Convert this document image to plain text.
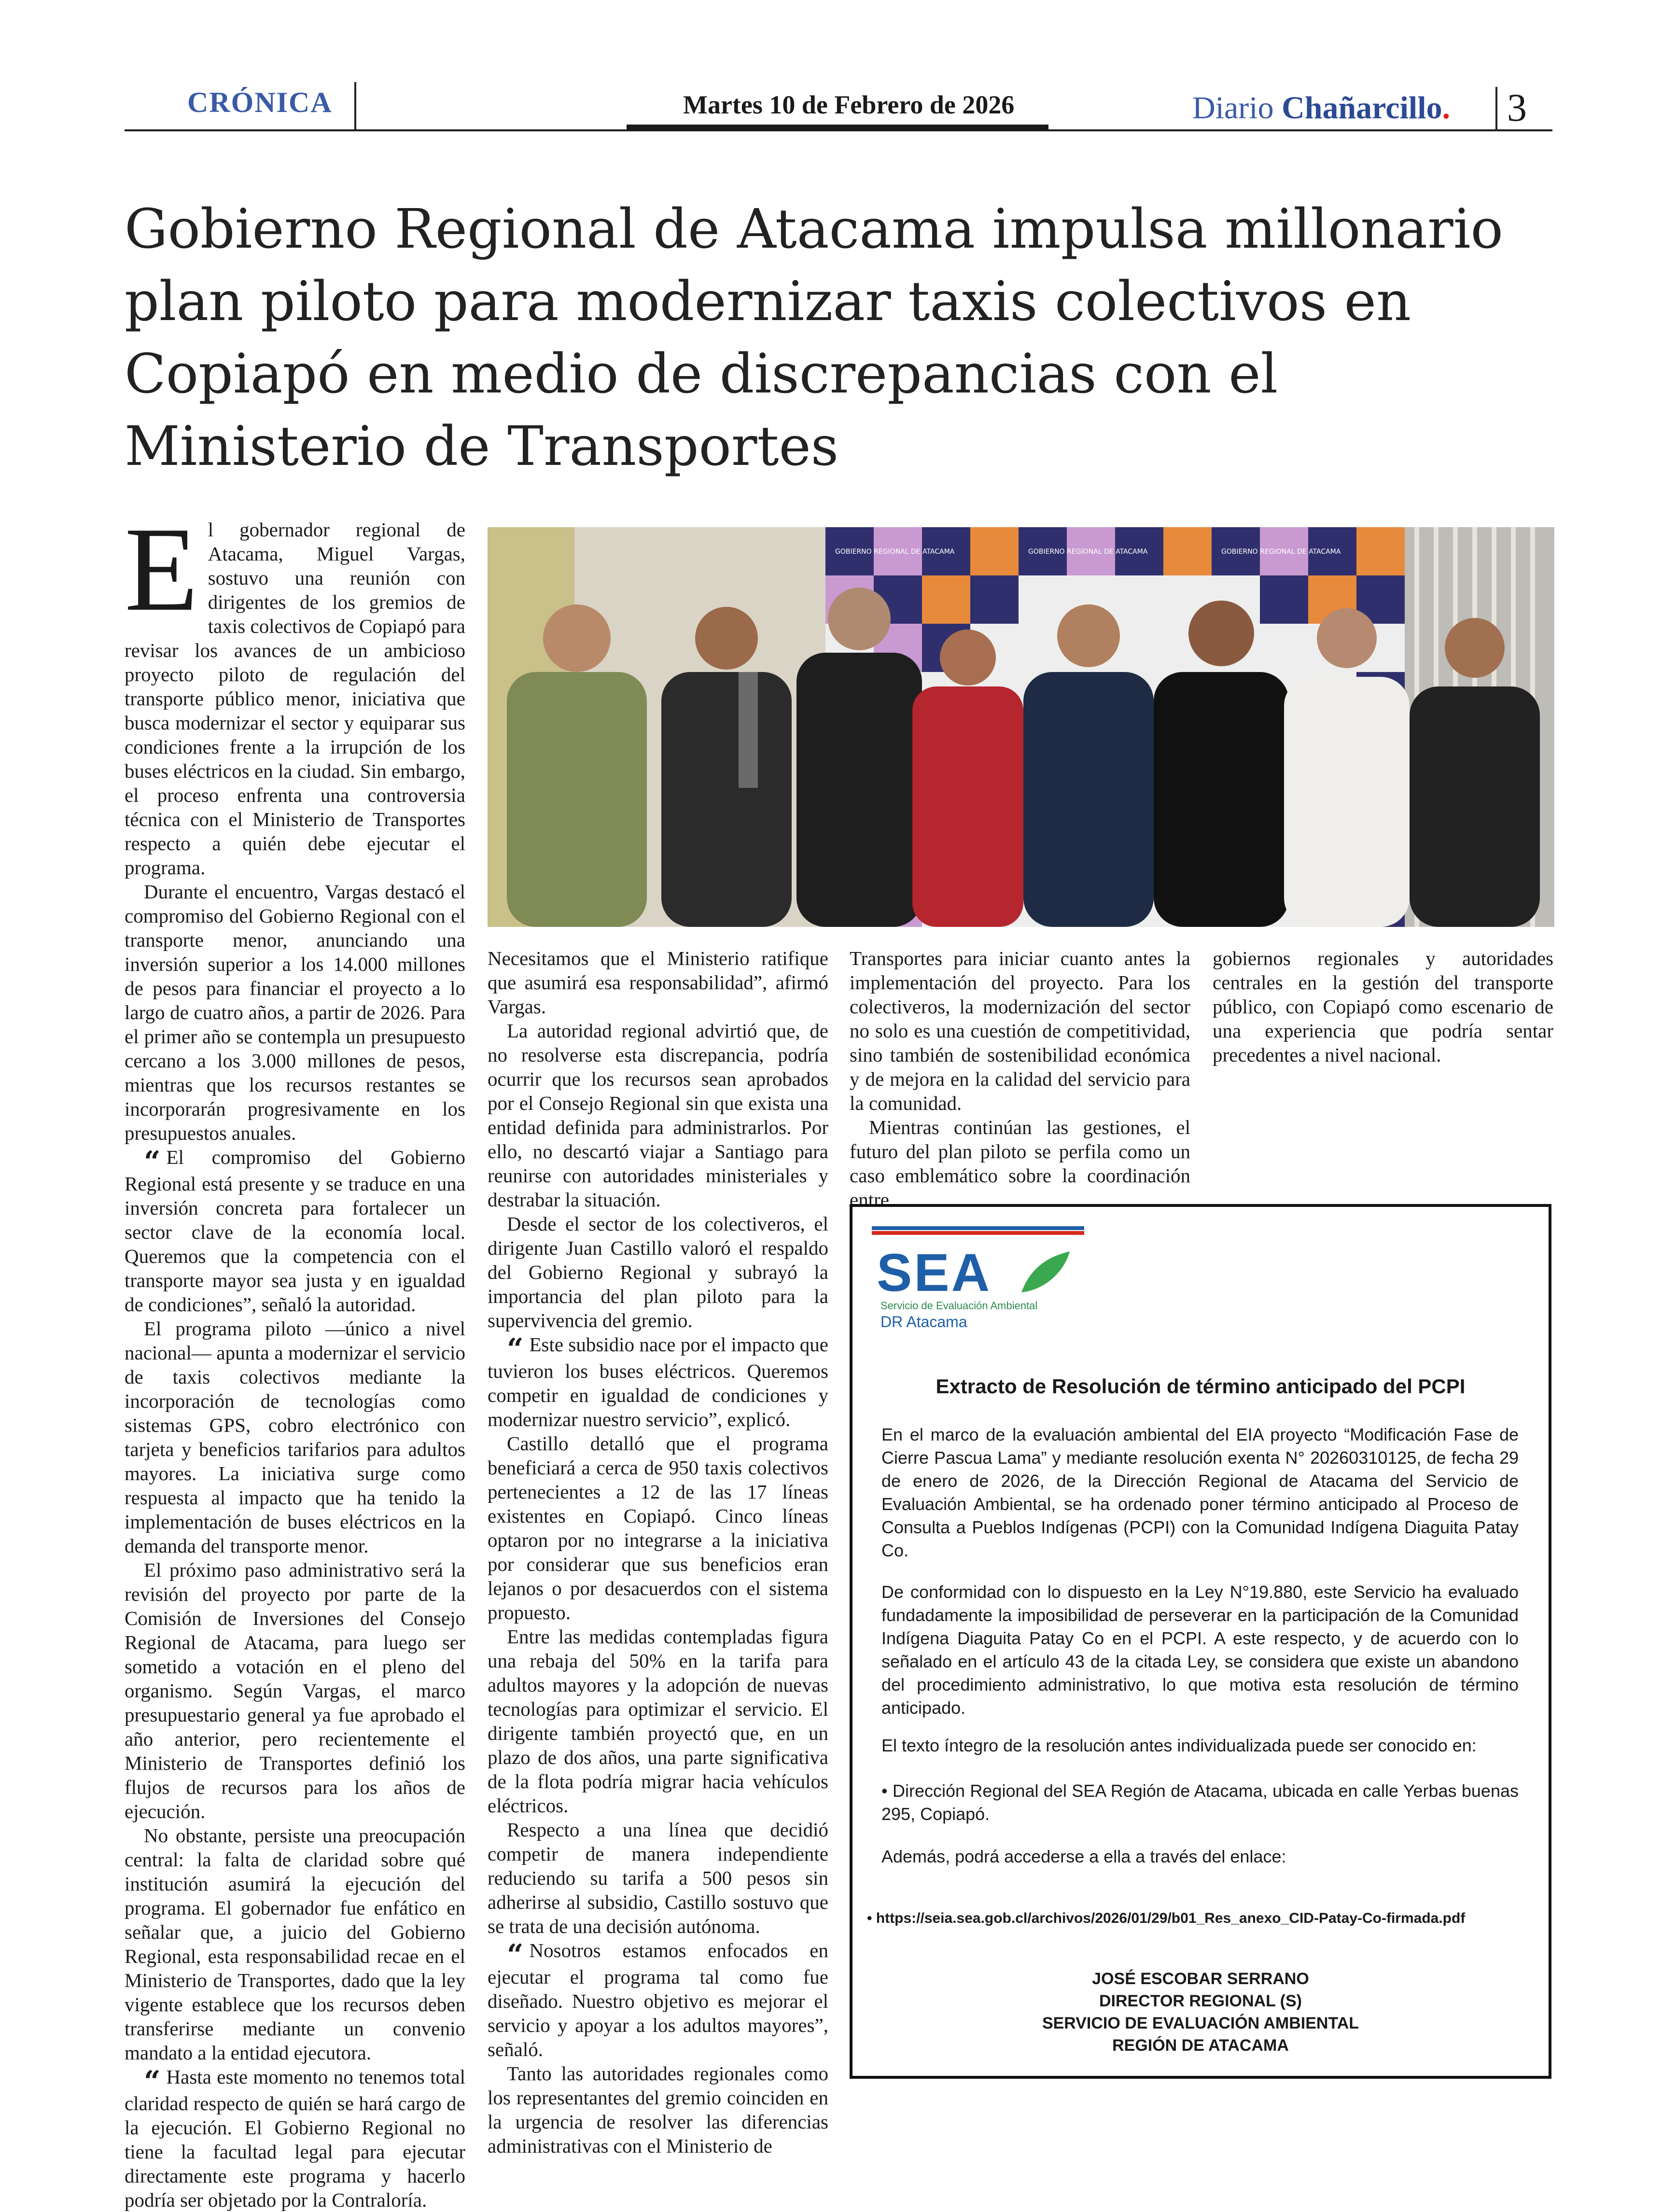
CRÓNICA	Martes 10 de Febrero de 2026	Diario Chañarcillo. 3
Gobierno Regional de Atacama impulsa millonario plan piloto para modernizar taxis colectivos en Copiapó en medio de discrepancias con el Ministerio de Transportes

El gobernador regional de Atacama, Miguel Vargas, sostuvo una reunión con dirigentes de los gremios de taxis colectivos de Copiapó para revisar los avances de un ambicioso proyecto piloto de regulación del transporte público menor, iniciativa que busca modernizar el sector y equiparar sus condiciones frente a la irrupción de los buses eléctricos en la ciudad. Sin embargo, el proceso enfrenta una controversia técnica con el Ministerio de Transportes respecto a quién debe ejecutar el programa.

Durante el encuentro, Vargas destacó el compromiso del Gobierno Regional con el transporte menor, anunciando una inversión superior a los 14.000 millones de pesos para financiar el proyecto a lo largo de cuatro años, a partir de 2026. Para el primer año se contempla un presupuesto cercano a los 3.000 millones de pesos, mientras que los recursos restantes se incorporarán progresivamente en los presupuestos anuales.

“ El compromiso del Gobierno Regional está presente y se traduce en una inversión concreta para fortalecer un sector clave de la economía local. Queremos que la competencia con el transporte mayor sea justa y en igualdad de condiciones”, señaló la autoridad.

El programa piloto —único a nivel nacional— apunta a modernizar el servicio de taxis colectivos mediante la incorporación de tecnologías como sistemas GPS, cobro electrónico con tarjeta y beneficios tarifarios para adultos mayores. La iniciativa surge como respuesta al impacto que ha tenido la implementación de buses eléctricos en la demanda del transporte menor.

El próximo paso administrativo será la revisión del proyecto por parte de la Comisión de Inversiones del Consejo Regional de Atacama, para luego ser sometido a votación en el pleno del organismo. Según Vargas, el marco presupuestario general ya fue aprobado el año anterior, pero recientemente el Ministerio de Transportes definió los flujos de recursos para los años de ejecución.

No obstante, persiste una preocupación central: la falta de claridad sobre qué institución asumirá la ejecución del programa. El gobernador fue enfático en señalar que, a juicio del Gobierno Regional, esta responsabilidad recae en el Ministerio de Transportes, dado que la ley vigente establece que los recursos deben transferirse mediante un convenio mandato a la entidad ejecutora.

“ Hasta este momento no tenemos total claridad respecto de quién se hará cargo de la ejecución. El Gobierno Regional no tiene la facultad legal para ejecutar directamente este programa y hacerlo podría ser objetado por la Contraloría.

GOBIERNO REGIONAL DE ATACAMA	GOBIERNO REGIONAL DE ATACAMA	GOBIERNO REGIONAL DE ATACAMA

Necesitamos que el Ministerio ratifique que asumirá esa responsabilidad”, afirmó Vargas.

La autoridad regional advirtió que, de no resolverse esta discrepancia, podría ocurrir que los recursos sean aprobados por el Consejo Regional sin que exista una entidad definida para administrarlos. Por ello, no descartó viajar a Santiago para reunirse con autoridades ministeriales y destrabar la situación.

Desde el sector de los colectiveros, el dirigente Juan Castillo valoró el respaldo del Gobierno Regional y subrayó la importancia del plan piloto para la supervivencia del gremio.

“ Este subsidio nace por el impacto que tuvieron los buses eléctricos. Queremos competir en igualdad de condiciones y modernizar nuestro servicio”, explicó.

Castillo detalló que el programa beneficiará a cerca de 950 taxis colectivos pertenecientes a 12 de las 17 líneas existentes en Copiapó. Cinco líneas optaron por no integrarse a la iniciativa por considerar que sus beneficios eran lejanos o por desacuerdos con el sistema propuesto.

Entre las medidas contempladas figura una rebaja del 50% en la tarifa para adultos mayores y la adopción de nuevas tecnologías para optimizar el servicio. El dirigente también proyectó que, en un plazo de dos años, una parte significativa de la flota podría migrar hacia vehículos eléctricos.

Respecto a una línea que decidió competir de manera independiente reduciendo su tarifa a 500 pesos sin adherirse al subsidio, Castillo sostuvo que se trata de una decisión autónoma.

“ Nosotros estamos enfocados en ejecutar el programa tal como fue diseñado. Nuestro objetivo es mejorar el servicio y apoyar a los adultos mayores”, señaló.

Tanto las autoridades regionales como los representantes del gremio coinciden en la urgencia de resolver las diferencias administrativas con el Ministerio de

Transportes para iniciar cuanto antes la implementación del proyecto. Para los colectiveros, la modernización del sector no solo es una cuestión de competitividad, sino también de sostenibilidad económica y de mejora en la calidad del servicio para la comunidad.

Mientras continúan las gestiones, el futuro del plan piloto se perfila como un caso emblemático sobre la coordinación entre

gobiernos regionales y autoridades centrales en la gestión del transporte público, con Copiapó como escenario de una experiencia que podría sentar precedentes a nivel nacional.

SEA
Servicio de Evaluación Ambiental
DR Atacama
Extracto de Resolución de término anticipado del PCPI
En el marco de la evaluación ambiental del EIA proyecto “Modificación Fase de Cierre Pascua Lama” y mediante resolución exenta N° 20260310125, de fecha 29 de enero de 2026, de la Dirección Regional de Atacama del Servicio de Evaluación Ambiental, se ha ordenado poner término anticipado al Proceso de Consulta a Pueblos Indígenas (PCPI) con la Comunidad Indígena Diaguita Patay Co.
De conformidad con lo dispuesto en la Ley N°19.880, este Servicio ha evaluado fundadamente la imposibilidad de perseverar en la participación de la Comunidad Indígena Diaguita Patay Co en el PCPI. A este respecto, y de acuerdo con lo señalado en el artículo 43 de la citada Ley, se considera que existe un abandono del procedimiento administrativo, lo que motiva esta resolución de término anticipado.
El texto íntegro de la resolución antes individualizada puede ser conocido en:
• Dirección Regional del SEA Región de Atacama, ubicada en calle Yerbas buenas 295, Copiapó.
Además, podrá accederse a ella a través del enlace:
• https://seia.sea.gob.cl/archivos/2026/01/29/b01_Res_anexo_CID-Patay-Co-firmada.pdf
JOSÉ ESCOBAR SERRANO
DIRECTOR REGIONAL (S)
SERVICIO DE EVALUACIÓN AMBIENTAL
REGIÓN DE ATACAMA
